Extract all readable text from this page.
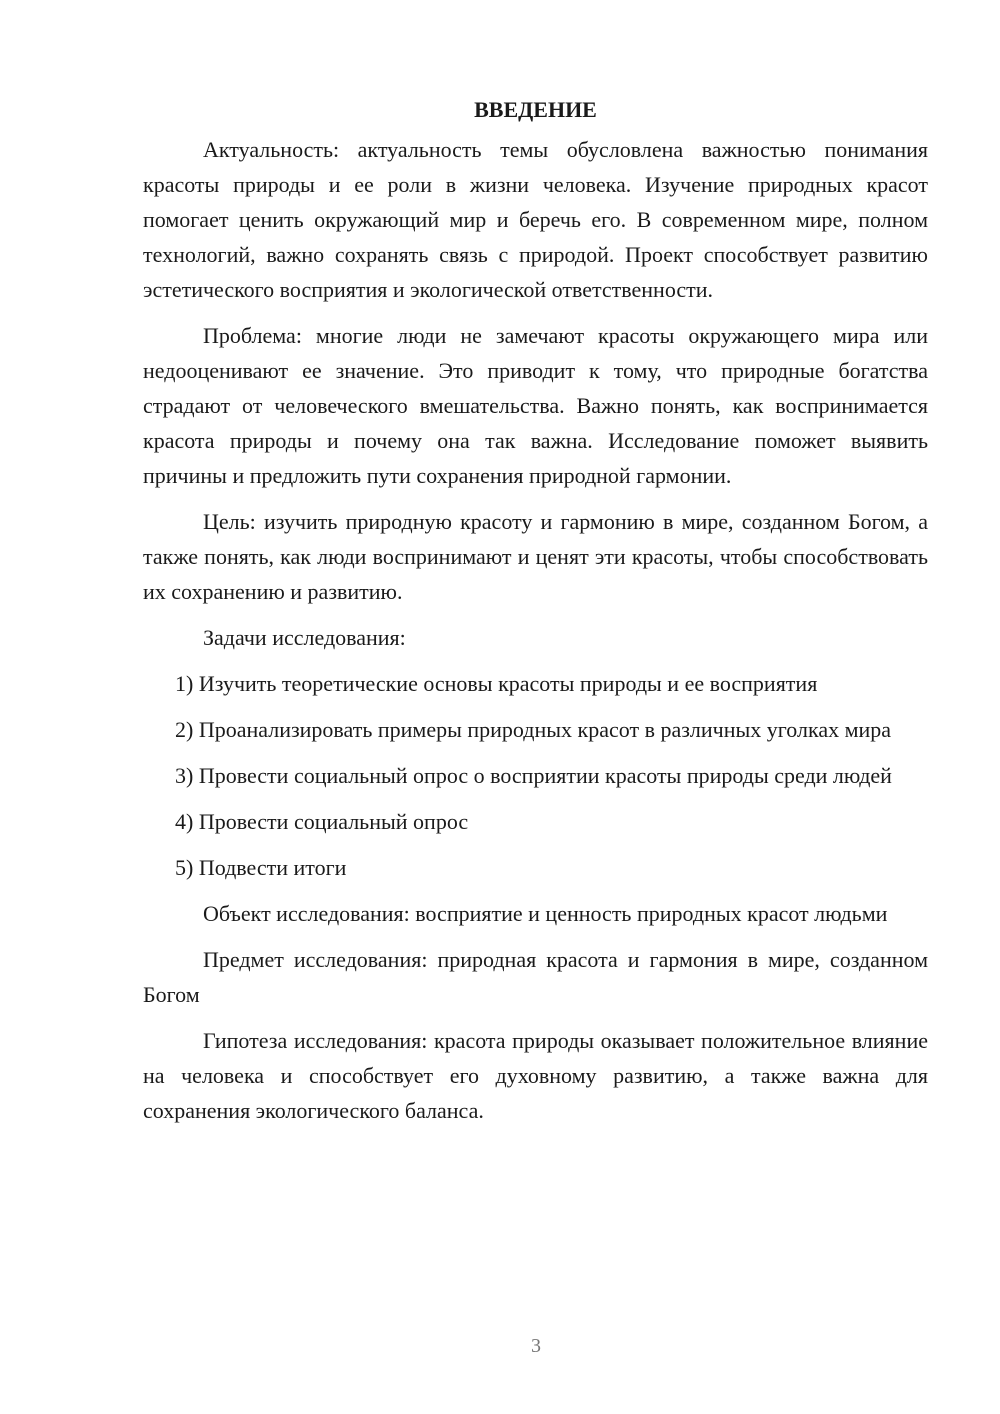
ВВЕДЕНИЕ

Актуальность: актуальность темы обусловлена важностью понимания красоты природы и ее роли в жизни человека. Изучение природных красот помогает ценить окружающий мир и беречь его. В современном мире, полном технологий, важно сохранять связь с природой. Проект способствует развитию эстетического восприятия и экологической ответственности.

Проблема: многие люди не замечают красоты окружающего мира или недооценивают ее значение. Это приводит к тому, что природные богатства страдают от человеческого вмешательства. Важно понять, как воспринимается красота природы и почему она так важна. Исследование поможет выявить причины и предложить пути сохранения природной гармонии.

Цель: изучить природную красоту и гармонию в мире, созданном Богом, а также понять, как люди воспринимают и ценят эти красоты, чтобы способствовать их сохранению и развитию.

Задачи исследования:

1) Изучить теоретические основы красоты природы и ее восприятия

2) Проанализировать примеры природных красот в различных уголках мира

3) Провести социальный опрос о восприятии красоты природы среди людей

4) Провести социальный опрос

5) Подвести итоги

Объект исследования: восприятие и ценность природных красот людьми

Предмет исследования: природная красота и гармония в мире, созданном Богом

Гипотеза исследования: красота природы оказывает положительное влияние на человека и способствует его духовному развитию, а также важна для сохранения экологического баланса.

3
